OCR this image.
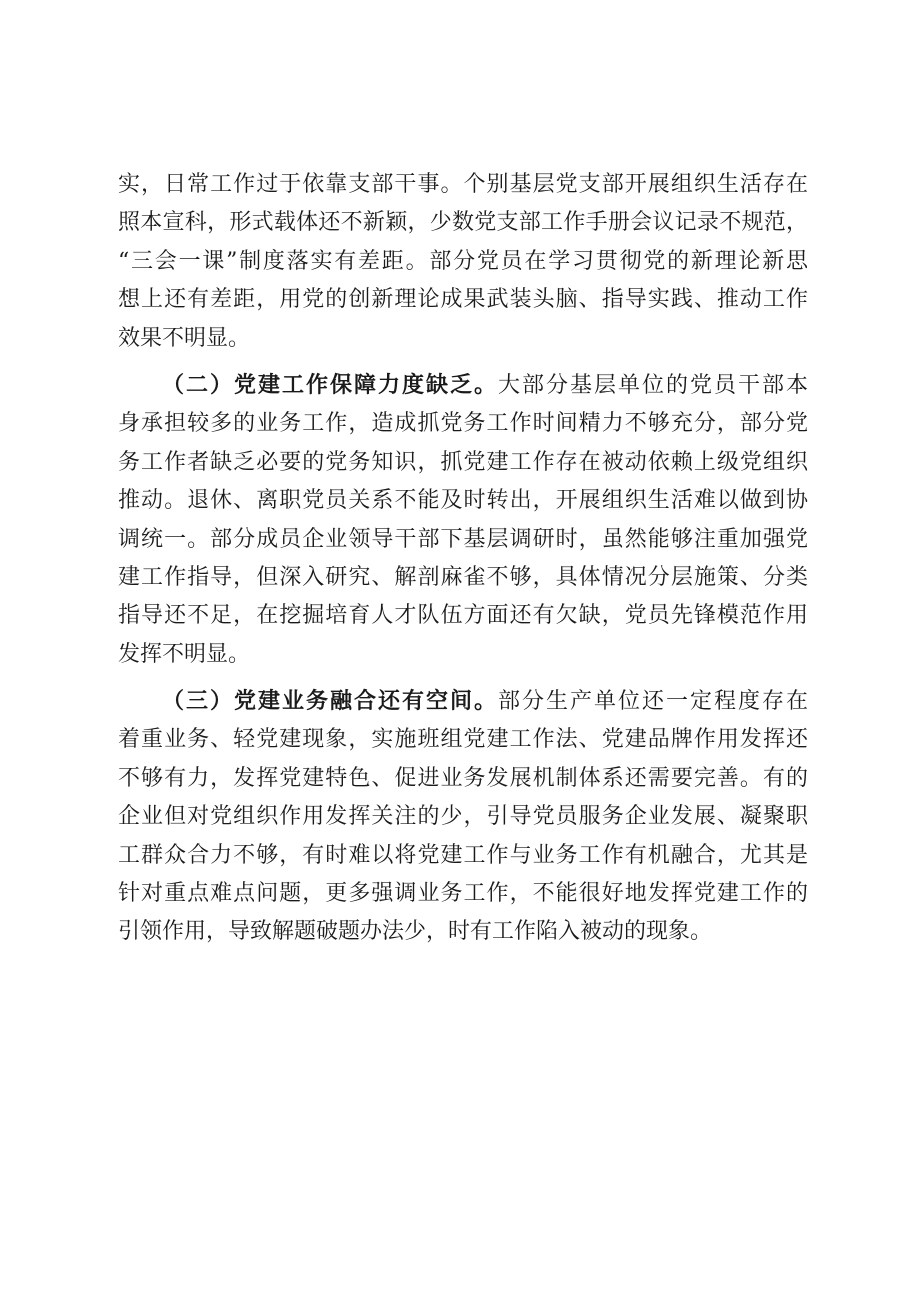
实，日常工作过于依靠支部干事。个别基层党支部开展组织生活存在
照本宣科，形式载体还不新颖，少数党支部工作手册会议记录不规范，
“三会一课”制度落实有差距。部分党员在学习贯彻党的新理论新思
想上还有差距，用党的创新理论成果武装头脑、指导实践、推动工作
效果不明显。
（二）党建工作保障力度缺乏。大部分基层单位的党员干部本
身承担较多的业务工作，造成抓党务工作时间精力不够充分，部分党
务工作者缺乏必要的党务知识，抓党建工作存在被动依赖上级党组织
推动。退休、离职党员关系不能及时转出，开展组织生活难以做到协
调统一。部分成员企业领导干部下基层调研时，虽然能够注重加强党
建工作指导，但深入研究、解剖麻雀不够，具体情况分层施策、分类
指导还不足，在挖掘培育人才队伍方面还有欠缺，党员先锋模范作用
发挥不明显。
（三）党建业务融合还有空间。部分生产单位还一定程度存在
着重业务、轻党建现象，实施班组党建工作法、党建品牌作用发挥还
不够有力，发挥党建特色、促进业务发展机制体系还需要完善。有的
企业但对党组织作用发挥关注的少，引导党员服务企业发展、凝聚职
工群众合力不够，有时难以将党建工作与业务工作有机融合，尤其是
针对重点难点问题，更多强调业务工作，不能很好地发挥党建工作的
引领作用，导致解题破题办法少，时有工作陷入被动的现象。
